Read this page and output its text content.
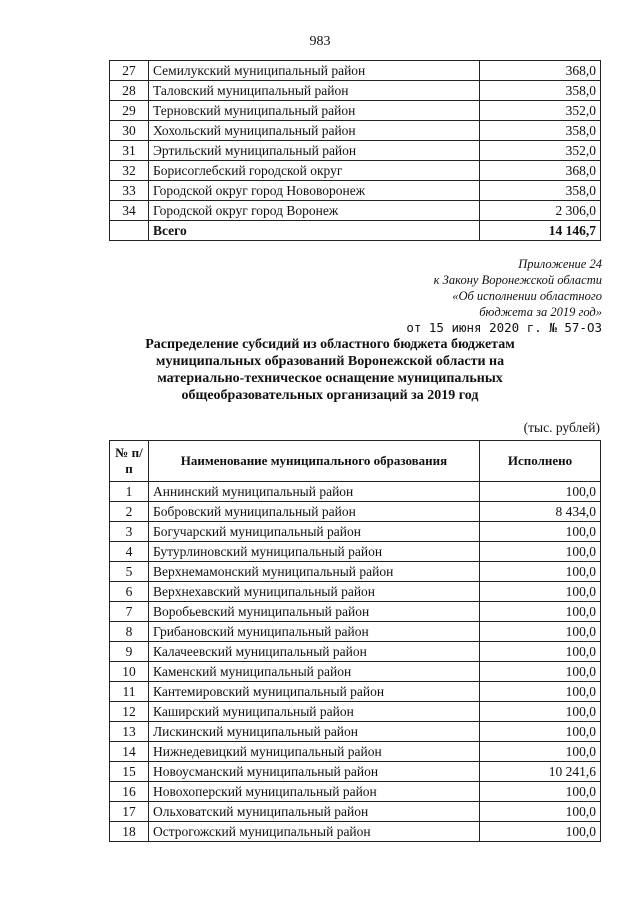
983
27	Семилукский муниципальный район	368,0
28	Таловский муниципальный район	358,0
29	Терновский муниципальный район	352,0
30	Хохольский муниципальный район	358,0
31	Эртильский муниципальный район	352,0
32	Борисоглебский городской округ	368,0
33	Городской округ город Нововоронеж	358,0
34	Городской округ город Воронеж	2 306,0
	Всего	14 146,7
Приложение 24
к Закону Воронежской области
«Об исполнении областного
бюджета за 2019 год»
от 15 июня 2020 г. № 57-ОЗ
Распределение субсидий из областного бюджета бюджетам
муниципальных образований Воронежской области на
материально-техническое оснащение муниципальных
общеобразовательных организаций за 2019 год
(тыс. рублей)
№ п/п	Наименование муниципального образования	Исполнено
1	Аннинский муниципальный район	100,0
2	Бобровский муниципальный район	8 434,0
3	Богучарский муниципальный район	100,0
4	Бутурлиновский муниципальный район	100,0
5	Верхнемамонский муниципальный район	100,0
6	Верхнехавский муниципальный район	100,0
7	Воробьевский муниципальный район	100,0
8	Грибановский муниципальный район	100,0
9	Калачеевский муниципальный район	100,0
10	Каменский муниципальный район	100,0
11	Кантемировский муниципальный район	100,0
12	Каширский муниципальный район	100,0
13	Лискинский муниципальный район	100,0
14	Нижнедевицкий муниципальный район	100,0
15	Новоусманский муниципальный район	10 241,6
16	Новохоперский муниципальный район	100,0
17	Ольховатский муниципальный район	100,0
18	Острогожский муниципальный район	100,0
